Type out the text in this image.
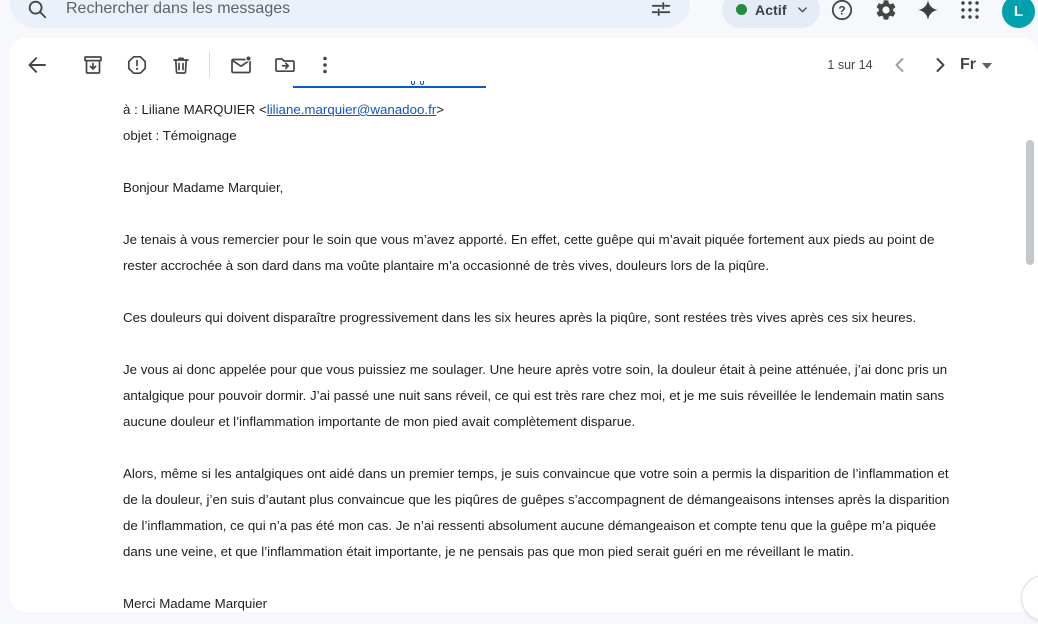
Rechercher dans les messages
Actif	?	L
1 sur 14	Fr
à : Liliane MARQUIER <liliane.marquier@wanadoo.fr>
objet : Témoignage

Bonjour Madame Marquier,

Je tenais à vous remercier pour le soin que vous m’avez apporté. En effet, cette guêpe qui m’avait piquée fortement aux pieds au point de rester accrochée à son dard dans ma voûte plantaire m’a occasionné de très vives, douleurs lors de la piqûre.

Ces douleurs qui doivent disparaître progressivement dans les six heures après la piqûre, sont restées très vives après ces six heures.

Je vous ai donc appelée pour que vous puissiez me soulager. Une heure après votre soin, la douleur était à peine atténuée, j’ai donc pris un antalgique pour pouvoir dormir. J’ai passé une nuit sans réveil, ce qui est très rare chez moi, et je me suis réveillée le lendemain matin sans aucune douleur et l’inflammation importante de mon pied avait complètement disparue.

Alors, même si les antalgiques ont aidé dans un premier temps, je suis convaincue que votre soin a permis la disparition de l’inflammation et de la douleur, j’en suis d’autant plus convaincue que les piqûres de guêpes s’accompagnent de démangeaisons intenses après la disparition de l’inflammation, ce qui n’a pas été mon cas. Je n’ai ressenti absolument aucune démangeaison et compte tenu que la guêpe m’a piquée dans une veine, et que l’inflammation était importante, je ne pensais pas que mon pied serait guéri en me réveillant le matin.

Merci Madame Marquier
